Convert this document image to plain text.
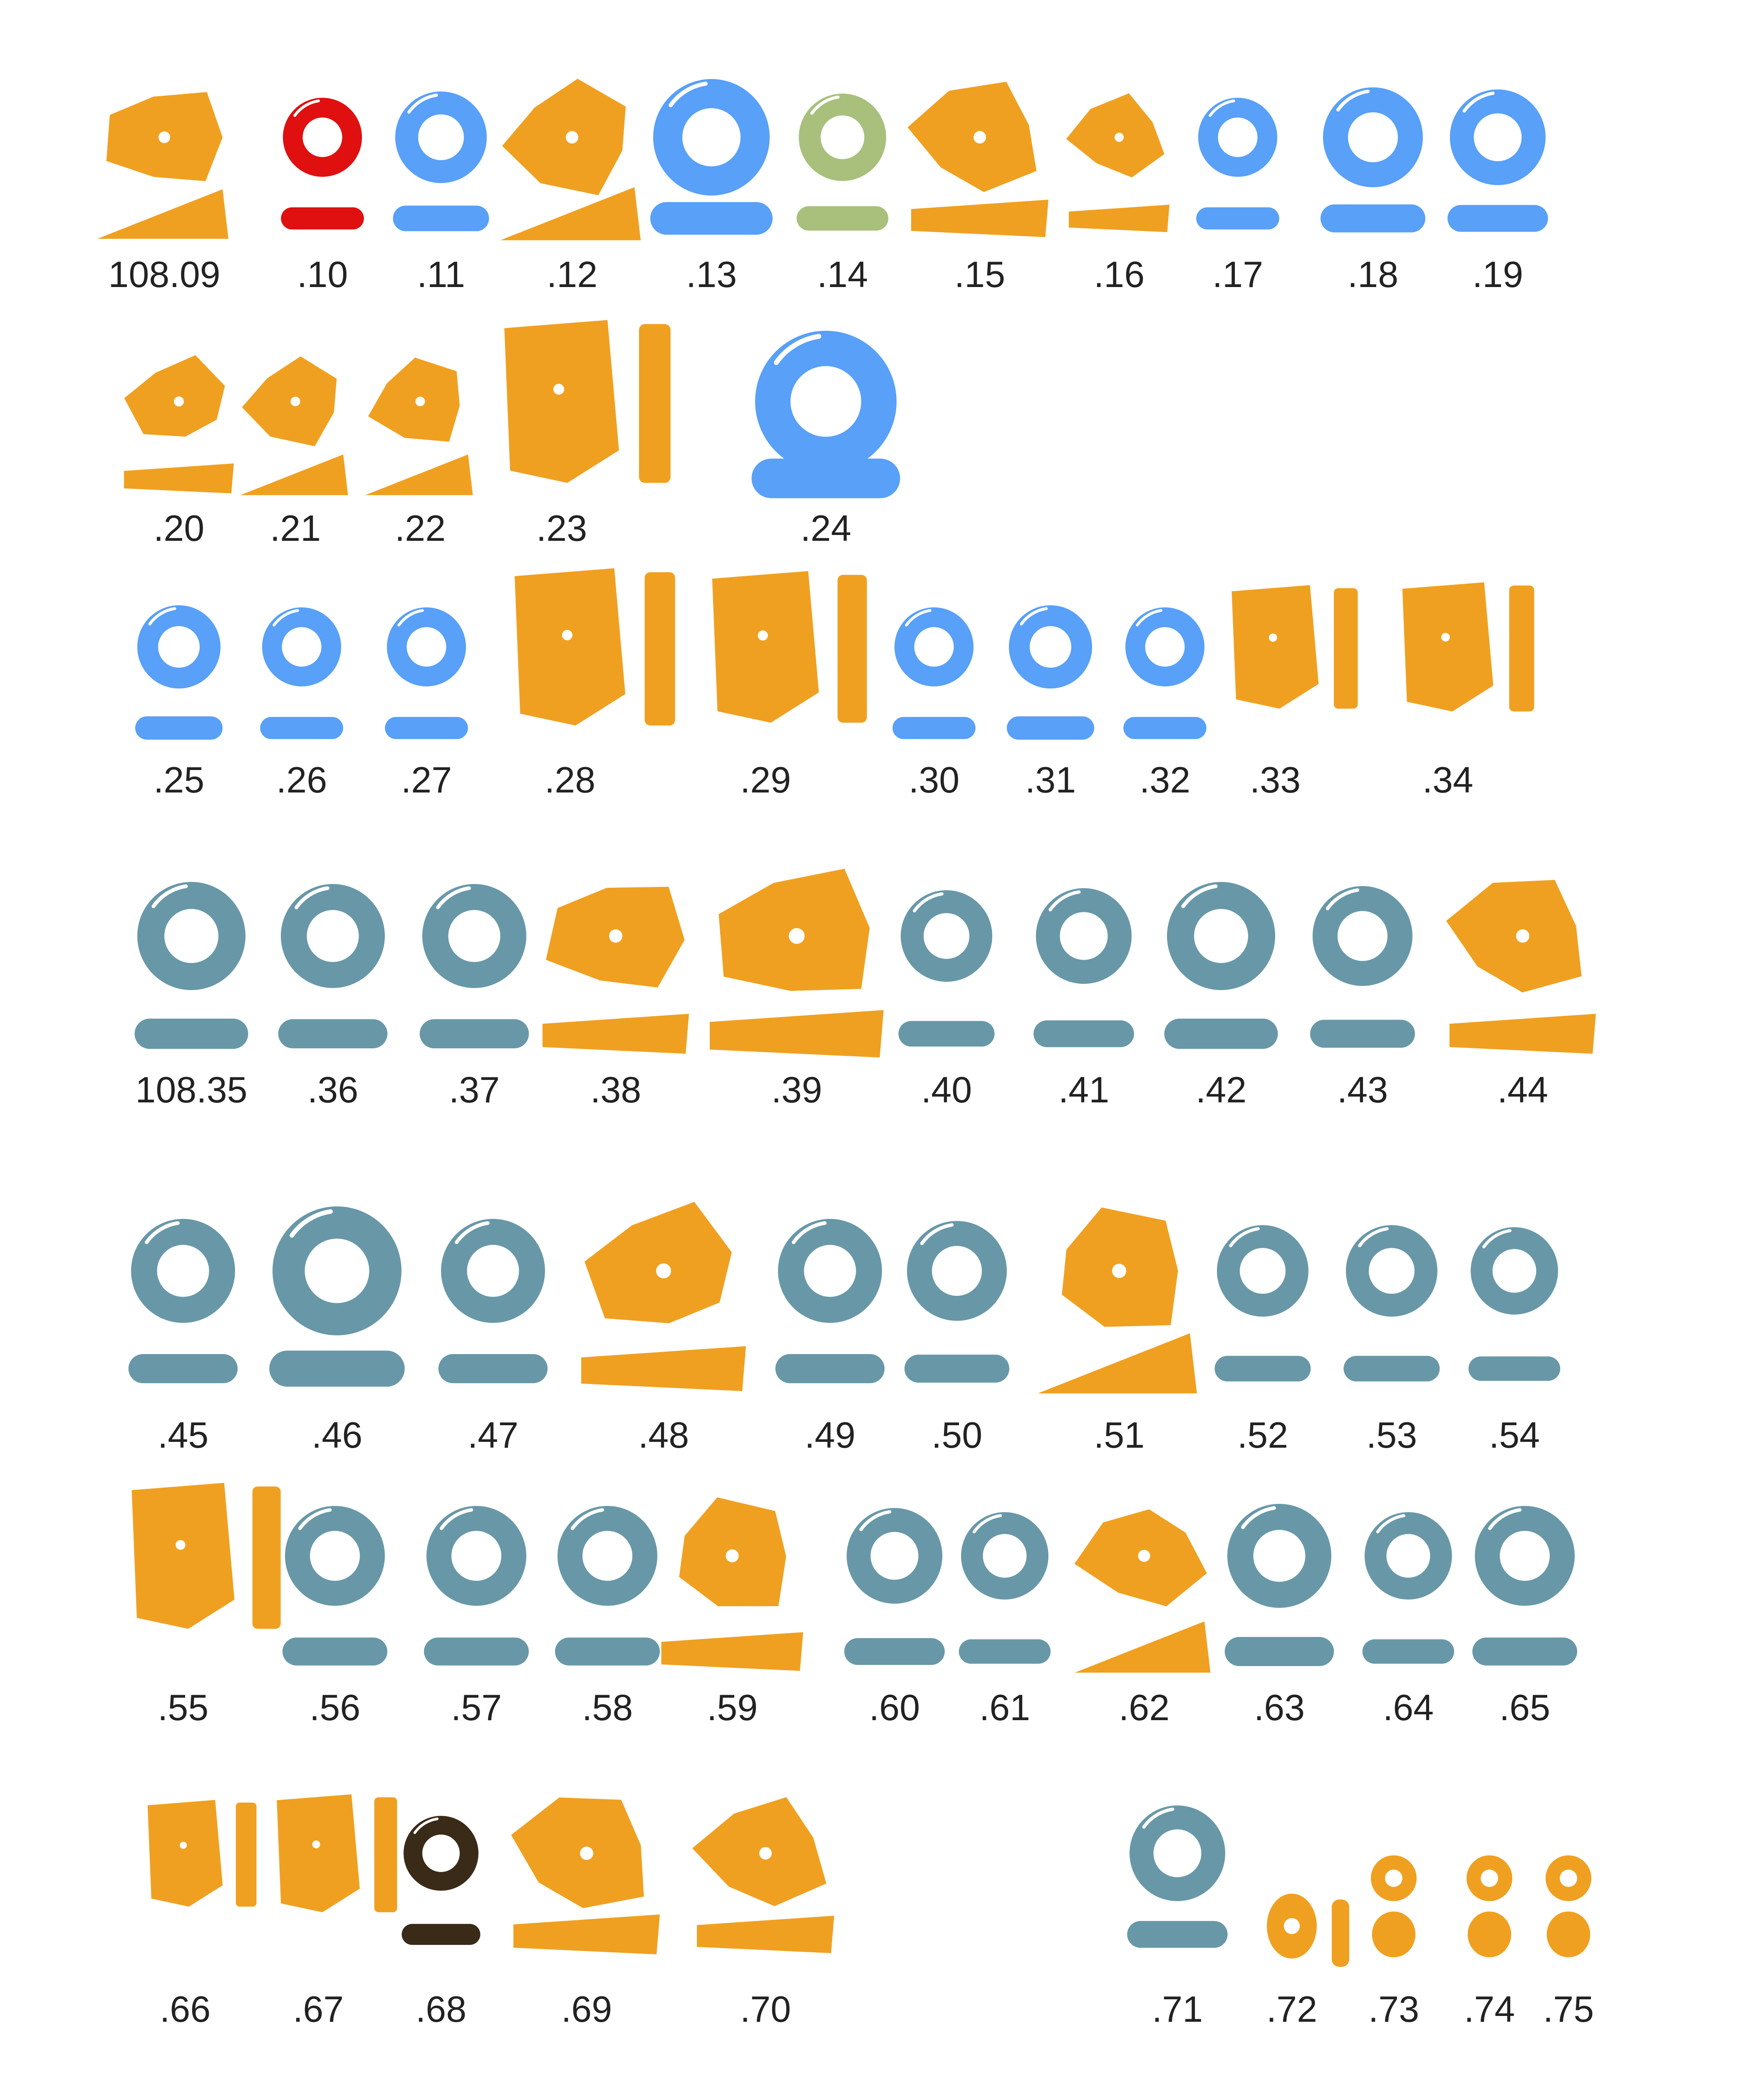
108.09 .10 .11 .12 .13 .14 .15 .16 .17 .18 .19
.20 .21 .22 .23	.24
.25 .26 .27	.28	.29	.30 .31 .32 .33	.34
108.35 .36 .37 .38	.39	.40 .41 .42 .43	.44
.45	.46	.47	.48	.49 .50	.51	.52 .53 .54
.55	.56 .57 .58 .59	.60 .61 .62 .63 .64 .65
.66 .67 .68	.69	.70	.71 .72 .73 .74 .75
